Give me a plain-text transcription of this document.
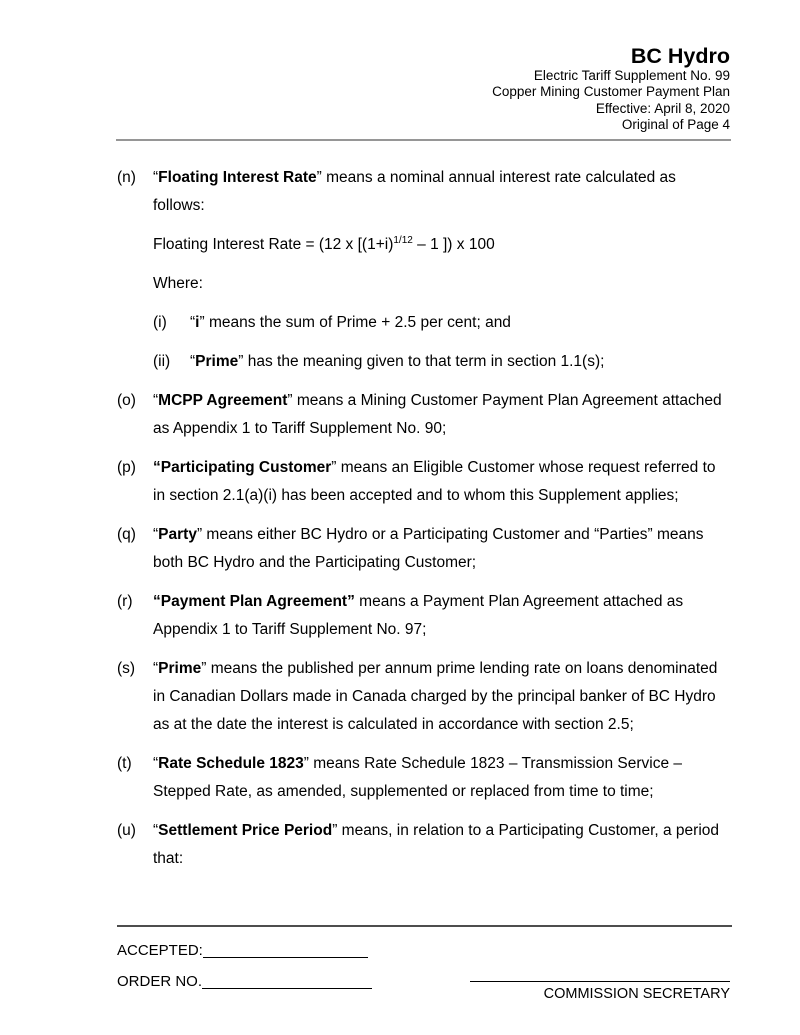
BC Hydro
Electric Tariff Supplement No. 99
Copper Mining Customer Payment Plan
Effective: April 8, 2020
Original of Page 4
(n) “Floating Interest Rate” means a nominal annual interest rate calculated as follows:
Floating Interest Rate = (12 x [$(1+i)^{1/12} - 1$ ]) x 100
Where:
(i) “i” means the sum of Prime + 2.5 per cent; and
(ii) “Prime” has the meaning given to that term in section 1.1(s);
(o) “MCPP Agreement” means a Mining Customer Payment Plan Agreement attached as Appendix 1 to Tariff Supplement No. 90;
(p) “Participating Customer” means an Eligible Customer whose request referred to in section 2.1(a)(i) has been accepted and to whom this Supplement applies;
(q) “Party” means either BC Hydro or a Participating Customer and “Parties” means both BC Hydro and the Participating Customer;
(r) “Payment Plan Agreement” means a Payment Plan Agreement attached as Appendix 1 to Tariff Supplement No. 97;
(s) “Prime” means the published per annum prime lending rate on loans denominated in Canadian Dollars made in Canada charged by the principal banker of BC Hydro as at the date the interest is calculated in accordance with section 2.5;
(t) “Rate Schedule 1823” means Rate Schedule 1823 – Transmission Service – Stepped Rate, as amended, supplemented or replaced from time to time;
(u) “Settlement Price Period” means, in relation to a Participating Customer, a period that:
ACCEPTED:
ORDER NO.
COMMISSION SECRETARY
